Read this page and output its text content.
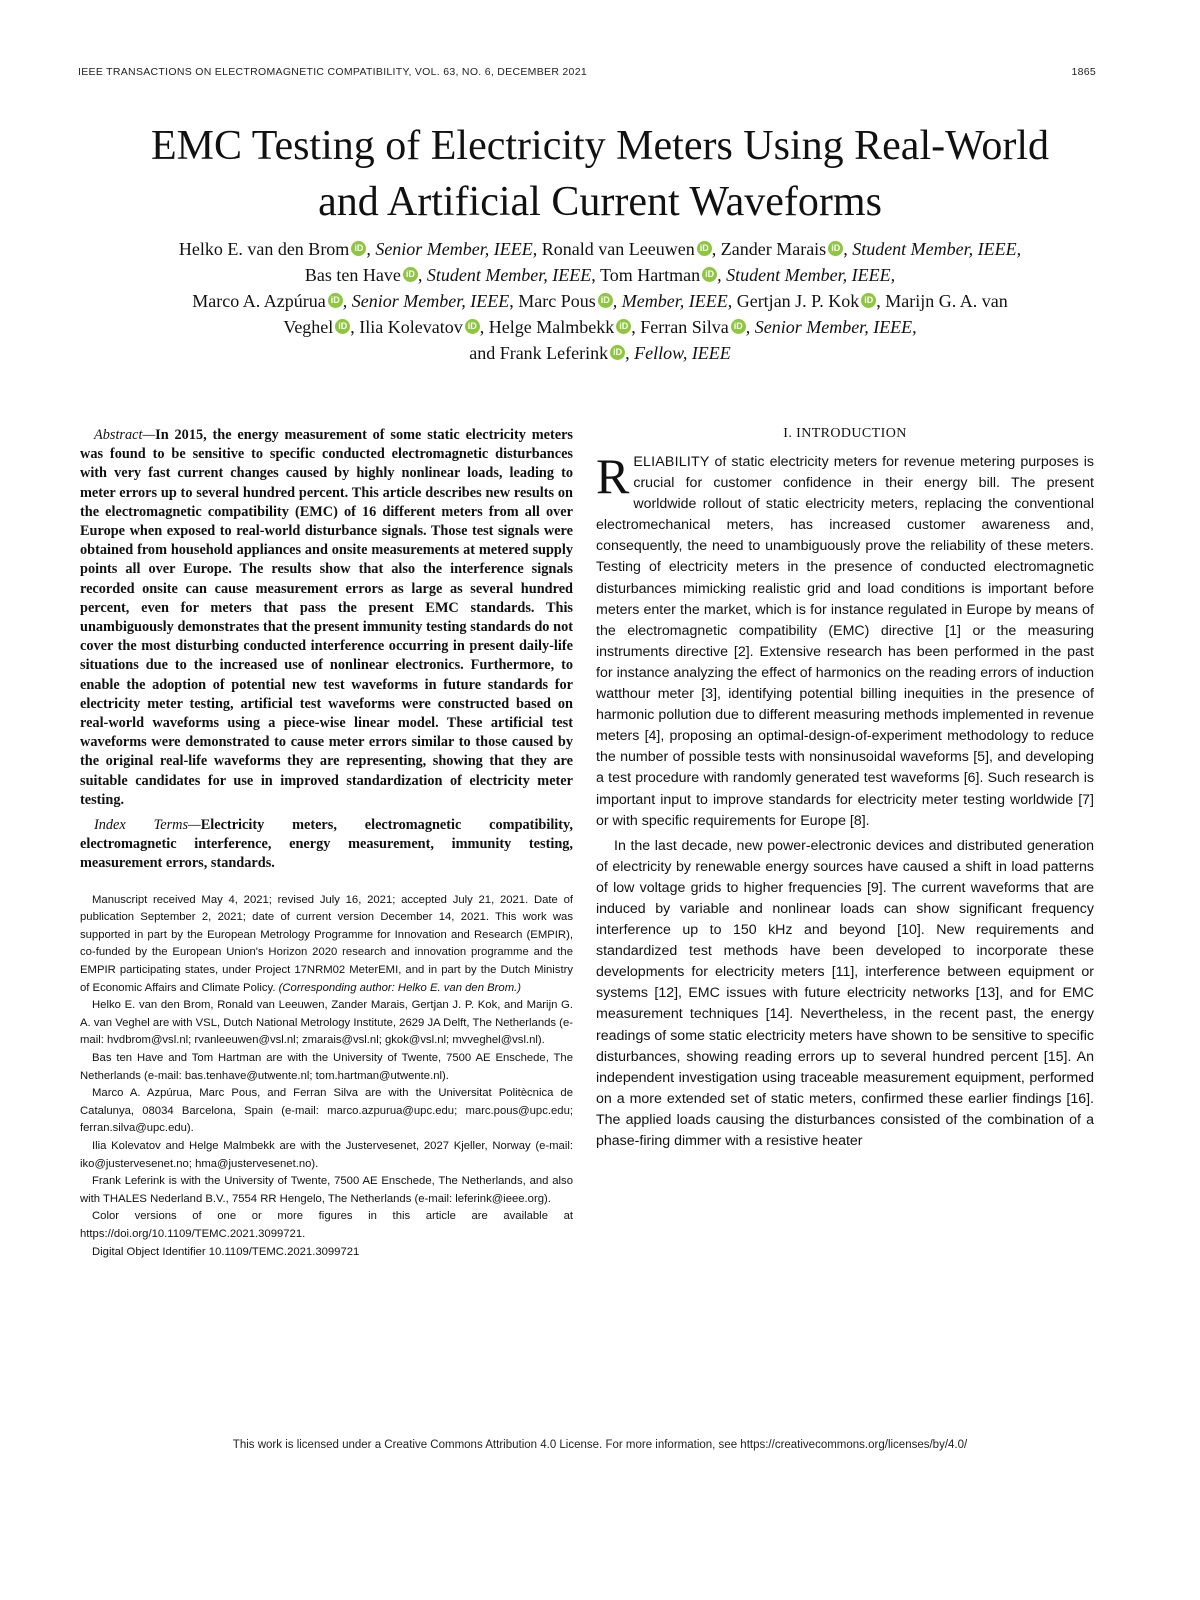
IEEE TRANSACTIONS ON ELECTROMAGNETIC COMPATIBILITY, VOL. 63, NO. 6, DECEMBER 2021	1865
EMC Testing of Electricity Meters Using Real-World
and Artificial Current Waveforms
Helko E. van den Brom iD , Senior Member, IEEE, Ronald van Leeuwen iD , Zander Marais iD , Student Member, IEEE,
Bas ten Have iD , Student Member, IEEE, Tom Hartman iD , Student Member, IEEE,
Marco A. Azpúrua iD , Senior Member, IEEE, Marc Pous iD , Member, IEEE, Gertjan J. P. Kok iD , Marijn G. A. van
Veghel iD , Ilia Kolevatov iD , Helge Malmbekk iD , Ferran Silva iD , Senior Member, IEEE,
and Frank Leferink iD , Fellow, IEEE

Abstract—In 2015, the energy measurement of some static electricity meters was found to be sensitive to specific conducted electromagnetic disturbances with very fast current changes caused by highly nonlinear loads, leading to meter errors up to several hundred percent. This article describes new results on the electromagnetic compatibility (EMC) of 16 different meters from all over Europe when exposed to real-world disturbance signals. Those test signals were obtained from household appliances and onsite measurements at metered supply points all over Europe. The results show that also the interference signals recorded onsite can cause measurement errors as large as several hundred percent, even for meters that pass the present EMC standards. This unambiguously demonstrates that the present immunity testing standards do not cover the most disturbing conducted interference occurring in present daily-life situations due to the increased use of nonlinear electronics. Furthermore, to enable the adoption of potential new test waveforms in future standards for electricity meter testing, artificial test waveforms were constructed based on real-world waveforms using a piece-wise linear model. These artificial test waveforms were demonstrated to cause meter errors similar to those caused by the original real-life waveforms they are representing, showing that they are suitable candidates for use in improved standardization of electricity meter testing.

Index Terms—Electricity meters, electromagnetic compatibility, electromagnetic interference, energy measurement, immunity testing, measurement errors, standards.

Manuscript received May 4, 2021; revised July 16, 2021; accepted July 21, 2021. Date of publication September 2, 2021; date of current version December 14, 2021. This work was supported in part by the European Metrology Programme for Innovation and Research (EMPIR), co-funded by the European Union's Horizon 2020 research and innovation programme and the EMPIR participating states, under Project 17NRM02 MeterEMI, and in part by the Dutch Ministry of Economic Affairs and Climate Policy. (Corresponding author: Helko E. van den Brom.)

Helko E. van den Brom, Ronald van Leeuwen, Zander Marais, Gertjan J. P. Kok, and Marijn G. A. van Veghel are with VSL, Dutch National Metrology Institute, 2629 JA Delft, The Netherlands (e-mail: hvdbrom@vsl.nl; rvanleeuwen@vsl.nl; zmarais@vsl.nl; gkok@vsl.nl; mvveghel@vsl.nl).

Bas ten Have and Tom Hartman are with the University of Twente, 7500 AE Enschede, The Netherlands (e-mail: bas.tenhave@utwente.nl; tom.hartman@utwente.nl).

Marco A. Azpúrua, Marc Pous, and Ferran Silva are with the Universitat Politècnica de Catalunya, 08034 Barcelona, Spain (e-mail: marco.azpurua@upc.edu; marc.pous@upc.edu; ferran.silva@upc.edu).

Ilia Kolevatov and Helge Malmbekk are with the Justervesenet, 2027 Kjeller, Norway (e-mail: iko@justervesenet.no; hma@justervesenet.no).

Frank Leferink is with the University of Twente, 7500 AE Enschede, The Netherlands, and also with THALES Nederland B.V., 7554 RR Hengelo, The Netherlands (e-mail: leferink@ieee.org).

Color versions of one or more figures in this article are available at https://doi.org/10.1109/TEMC.2021.3099721.

Digital Object Identifier 10.1109/TEMC.2021.3099721

I. INTRODUCTION

RELIABILITY of static electricity meters for revenue metering purposes is crucial for customer confidence in their energy bill. The present worldwide rollout of static electricity meters, replacing the conventional electromechanical meters, has increased customer awareness and, consequently, the need to unambiguously prove the reliability of these meters. Testing of electricity meters in the presence of conducted electromagnetic disturbances mimicking realistic grid and load conditions is important before meters enter the market, which is for instance regulated in Europe by means of the electromagnetic compatibility (EMC) directive [1] or the measuring instruments directive [2]. Extensive research has been performed in the past for instance analyzing the effect of harmonics on the reading errors of induction watthour meter [3], identifying potential billing inequities in the presence of harmonic pollution due to different measuring methods implemented in revenue meters [4], proposing an optimal-design-of-experiment methodology to reduce the number of possible tests with nonsinusoidal waveforms [5], and developing a test procedure with randomly generated test waveforms [6]. Such research is important input to improve standards for electricity meter testing worldwide [7] or with specific requirements for Europe [8].

In the last decade, new power-electronic devices and distributed generation of electricity by renewable energy sources have caused a shift in load patterns of low voltage grids to higher frequencies [9]. The current waveforms that are induced by variable and nonlinear loads can show significant frequency interference up to 150 kHz and beyond [10]. New requirements and standardized test methods have been developed to incorporate these developments for electricity meters [11], interference between equipment or systems [12], EMC issues with future electricity networks [13], and for EMC measurement techniques [14]. Nevertheless, in the recent past, the energy readings of some static electricity meters have shown to be sensitive to specific disturbances, showing reading errors up to several hundred percent [15]. An independent investigation using traceable measurement equipment, performed on a more extended set of static meters, confirmed these earlier findings [16]. The applied loads causing the disturbances consisted of the combination of a phase-firing dimmer with a resistive heater

This work is licensed under a Creative Commons Attribution 4.0 License. For more information, see https://creativecommons.org/licenses/by/4.0/
